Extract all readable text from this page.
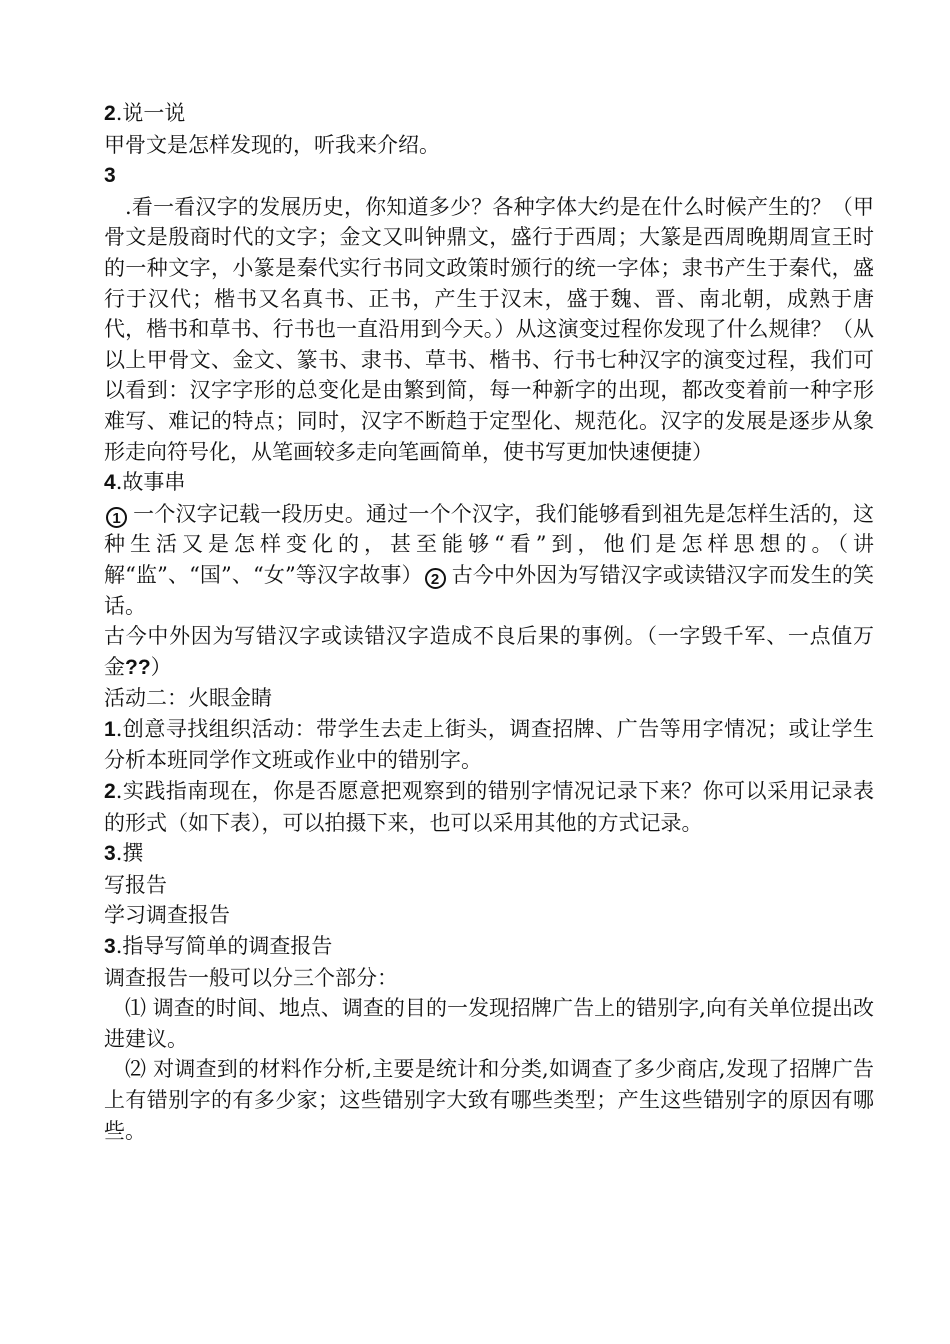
2.说一说

甲骨文是怎样发现的，听我来介绍。

3

.看一看汉字的发展历史，你知道多少？各种字体大约是在什么时候产生的？（甲骨文是殷商时代的文字；金文又叫钟鼎文，盛行于西周；大篆是西周晚期周宣王时的一种文字，小篆是秦代实行书同文政策时颁行的统一字体；隶书产生于秦代，盛行于汉代；楷书又名真书、正书，产生于汉末，盛于魏、晋、南北朝，成熟于唐代，楷书和草书、行书也一直沿用到今天。）从这演变过程你发现了什么规律？（从以上甲骨文、金文、篆书、隶书、草书、楷书、行书七种汉字的演变过程，我们可以看到：汉字字形的总变化是由繁到简，每一种新字的出现，都改变着前一种字形难写、难记的特点；同时，汉字不断趋于定型化、规范化。汉字的发展是逐步从象形走向符号化，从笔画较多走向笔画简单，使书写更加快速便捷）

4.故事串

1 一个汉字记载一段历史。通过一个个汉字，我们能够看到祖先是怎样生活的，这种生活又是怎样变化的，甚至能够“看”到，他们是怎样思想的。（讲解“监”、“国”、“女”等汉字故事） 2 古今中外因为写错汉字或读错汉字而发生的笑话。

古今中外因为写错汉字或读错汉字造成不良后果的事例。（一字毁千军、一点值万金??）

活动二：火眼金睛

1.创意寻找组织活动：带学生去走上街头，调查招牌、广告等用字情况；或让学生分析本班同学作文班或作业中的错别字。

2.实践指南现在，你是否愿意把观察到的错别字情况记录下来？你可以采用记录表的形式（如下表），可以拍摄下来，也可以采用其他的方式记录。

3.撰

写报告

学习调查报告

3.指导写简单的调查报告

调查报告一般可以分三个部分：

⑴ 调查的时间、地点、调查的目的一发现招牌广告上的错别字,向有关单位提出改进建议。

⑵ 对调查到的材料作分析,主要是统计和分类,如调查了多少商店,发现了招牌广告上有错别字的有多少家；这些错别字大致有哪些类型；产生这些错别字的原因有哪些。
